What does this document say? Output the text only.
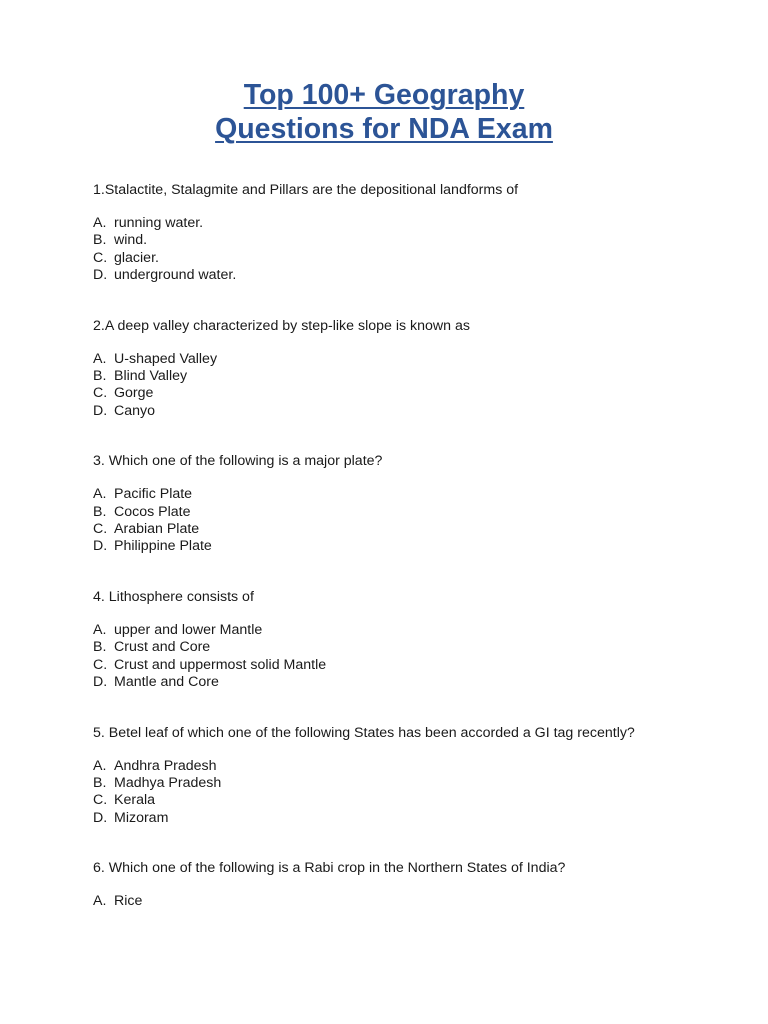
Top 100+ Geography
Questions for NDA Exam

1.Stalactite, Stalagmite and Pillars are the depositional landforms of

A. running water.
B. wind.
C. glacier.
D. underground water.

2.A deep valley characterized by step-like slope is known as

A. U-shaped Valley
B. Blind Valley
C. Gorge
D. Canyo

3. Which one of the following is a major plate?

A. Pacific Plate
B. Cocos Plate
C. Arabian Plate
D. Philippine Plate

4. Lithosphere consists of

A. upper and lower Mantle
B. Crust and Core
C. Crust and uppermost solid Mantle
D. Mantle and Core

5. Betel leaf of which one of the following States has been accorded a GI tag recently?

A. Andhra Pradesh
B. Madhya Pradesh
C. Kerala
D. Mizoram

6. Which one of the following is a Rabi crop in the Northern States of India?

A. Rice
